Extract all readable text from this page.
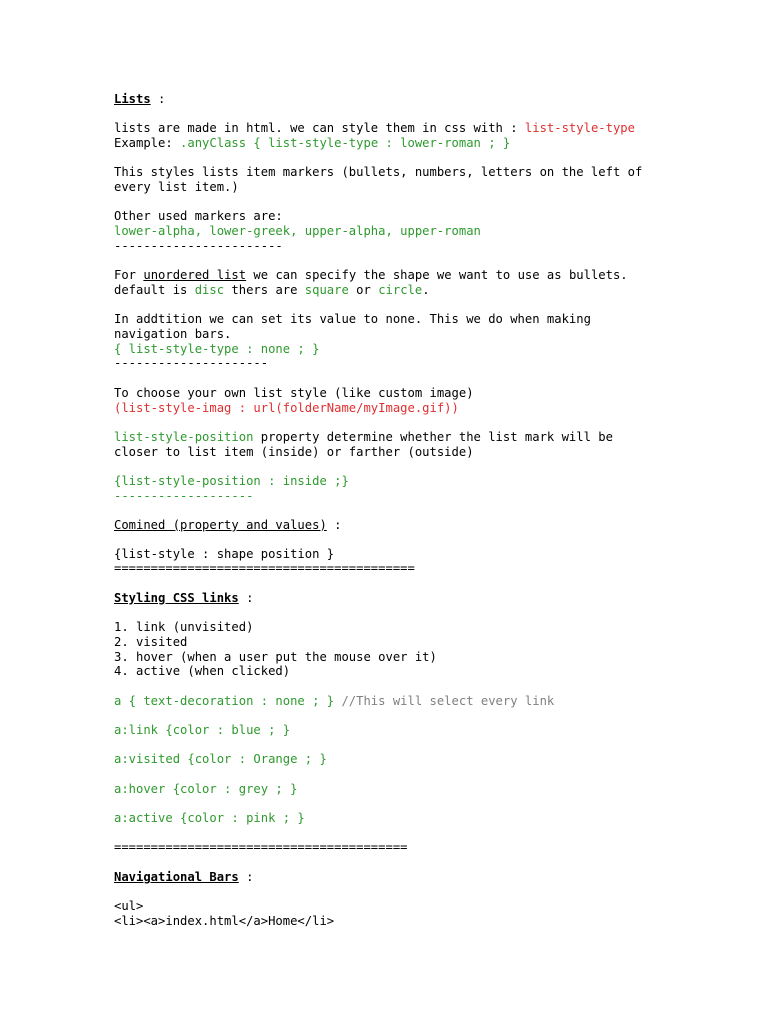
Lists :
lists are made in html. we can style them in css with : list-style-type
Example: .anyClass { list-style-type : lower-roman ; }
This styles lists item markers (bullets, numbers, letters on the left of
every list item.)
Other used markers are:
lower-alpha, lower-greek, upper-alpha, upper-roman
-----------------------
For unordered list we can specify the shape we want to use as bullets.
default is disc thers are square or circle.
In addtition we can set its value to none. This we do when making
navigation bars.
{ list-style-type : none ; }
---------------------
To choose your own list style (like custom image)
(list-style-imag : url(folderName/myImage.gif))
list-style-position property determine whether the list mark will be
closer to list item (inside) or farther (outside)
{list-style-position : inside ;}
-------------------
Comined (property and values) :
{list-style : shape position }
=========================================
Styling CSS links :
1. link (unvisited)
2. visited
3. hover (when a user put the mouse over it)
4. active (when clicked)
a { text-decoration : none ; } //This will select every link
a:link {color : blue ; }
a:visited {color : Orange ; }
a:hover {color : grey ; }
a:active {color : pink ; }
========================================
Navigational Bars :
<ul>
<li><a>index.html</a>Home</li>
